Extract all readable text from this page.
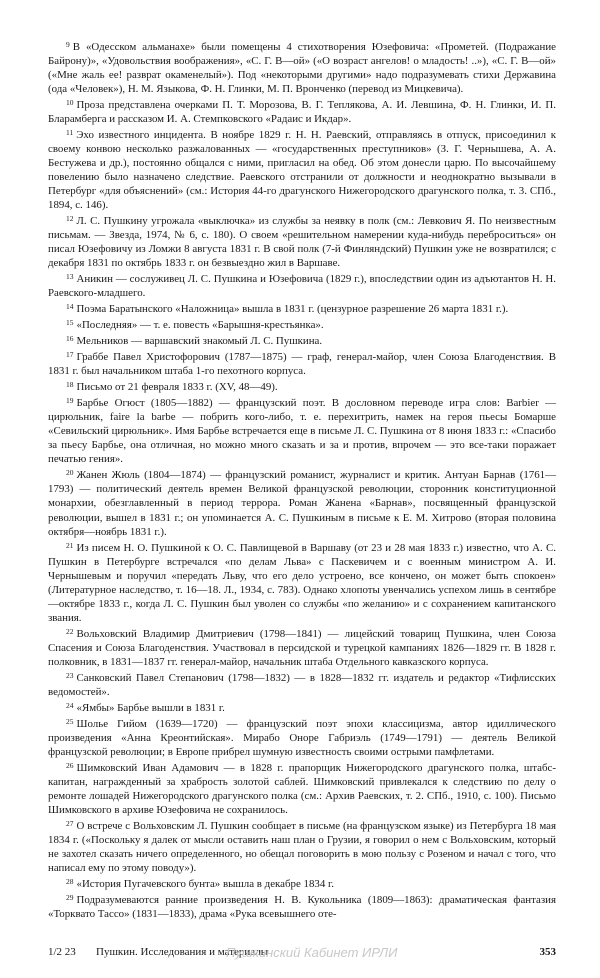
$^9$ В «Одесском альманахе» были помещены 4 стихотворения Юзефовича: «Прометей. (Подражание Байрону)», «Удовольствия воображения», «С. Г. В—ой» («О возраст ангелов! о младость! ..»), «С. Г. В—ой» («Мне жаль ее! разврат окаменелый»). Под «некоторыми другими» надо подразумевать стихи Державина (ода «Человек»), Н. М. Языкова, Ф. Н. Глинки, М. П. Вронченко (перевод из Мицкевича).

$^{10}$ Проза представлена очерками П. Т. Морозова, В. Г. Теплякова, А. И. Левшина, Ф. Н. Глинки, И. П. Бларамберга и рассказом И. А. Стемпковского «Радаис и Икдар».

$^{11}$ Эхо известного инцидента. В ноябре 1829 г. Н. Н. Раевский, отправляясь в отпуск, присоединил к своему конвою несколько разжалованных — «государственных преступников» (З. Г. Чернышева, А. А. Бестужева и др.), постоянно общался с ними, пригласил на обед. Об этом донесли царю. По высочайшему повелению было назначено следствие. Раевского отстранили от должности и неоднократно вызывали в Петербург «для объяснений» (см.: История 44-го драгунского Нижегородского драгунского полка, т. 3. СПб., 1894, с. 146).

$^{12}$ Л. С. Пушкину угрожала «выключка» из службы за неявку в полк (см.: Левкович Я. По неизвестным письмам. — Звезда, 1974, № 6, с. 180). О своем «решительном намерении куда-нибудь переброситься» он писал Юзефовичу из Ломжи 8 августа 1831 г. В свой полк (7-й Финляндский) Пушкин уже не возвратился; с декабря 1831 по октябрь 1833 г. он безвыездно жил в Варшаве.

$^{13}$ Аникин — сослуживец Л. С. Пушкина и Юзефовича (1829 г.), впоследствии один из адъютантов Н. Н. Раевского-младшего.

$^{14}$ Поэма Баратынского «Наложница» вышла в 1831 г. (цензурное разрешение 26 марта 1831 г.).

$^{15}$ «Последняя» — т. е. повесть «Барышня-крестьянка».

$^{16}$ Мельников — варшавский знакомый Л. С. Пушкина.

$^{17}$ Граббе Павел Христофорович (1787—1875) — граф, генерал-майор, член Союза Благоденствия. В 1831 г. был начальником штаба 1-го пехотного корпуса.

$^{18}$ Письмо от 21 февраля 1833 г. (XV, 48—49).

$^{19}$ Барбье Огюст (1805—1882) — французский поэт. В дословном переводе игра слов: Barbier — цирюльник, faire la barbe — побрить кого-либо, т. е. перехитрить, намек на героя пьесы Бомарше «Севильский цирюльник». Имя Барбье встречается еще в письме Л. С. Пушкина от 8 июня 1833 г.: «Спасибо за пьесу Барбье, она отличная, но можно много сказать и за и против, впрочем — это все-таки поражает печатью гения».

$^{20}$ Жанен Жюль (1804—1874) — французский романист, журналист и критик. Антуан Барнав (1761—1793) — политический деятель времен Великой французской революции, сторонник конституционной монархии, обезглавленный в период террора. Роман Жанена «Барнав», посвященный французской революции, вышел в 1831 г.; он упоминается А. С. Пушкиным в письме к Е. М. Хитрово (вторая половина октября—ноябрь 1831 г.).

$^{21}$ Из писем Н. О. Пушкиной к О. С. Павлищевой в Варшаву (от 23 и 28 мая 1833 г.) известно, что А. С. Пушкин в Петербурге встречался «по делам Льва» с Паскевичем и с военным министром А. И. Чернышевым и поручил «передать Льву, что его дело устроено, все кончено, он может быть спокоен» (Литературное наследство, т. 16—18. Л., 1934, с. 783). Однако хлопоты увенчались успехом лишь в сентябре—октябре 1833 г., когда Л. С. Пушкин был уволен со службы «по желанию» и с сохранением капитанского звания.

$^{22}$ Вольховский Владимир Дмитриевич (1798—1841) — лицейский товарищ Пушкина, член Союза Спасения и Союза Благоденствия. Участвовал в персидской и турецкой кампаниях 1826—1829 гг. В 1828 г. полковник, в 1831—1837 гг. генерал-майор, начальник штаба Отдельного кавказского корпуса.

$^{23}$ Санковский Павел Степанович (1798—1832) — в 1828—1832 гг. издатель и редактор «Тифлисских ведомостей».

$^{24}$ «Ямбы» Барбье вышли в 1831 г.

$^{25}$ Шолье Гийом (1639—1720) — французский поэт эпохи классицизма, автор идиллического произведения «Анна Креонтийская». Мирабо Оноре Габриэль (1749—1791) — деятель Великой французской революции; в Европе прибрел шумную известность своими острыми памфлетами.

$^{26}$ Шимковский Иван Адамович — в 1828 г. прапорщик Нижегородского драгунского полка, штабс-капитан, награжденный за храбрость золотой саблей. Шимковский привлекался к следствию по делу о ремонте лошадей Нижегородского драгунского полка (см.: Архив Раевских, т. 2. СПб., 1910, с. 100). Письмо Шимковского в архиве Юзефовича не сохранилось.

$^{27}$ О встрече с Вольховским Л. Пушкин сообщает в письме (на французском языке) из Петербурга 18 мая 1834 г. («Поскольку я далек от мысли оставить наш план о Грузии, я говорил о нем с Вольховским, который не захотел сказать ничего определенного, но обещал поговорить в мою пользу с Розеном и начал с того, что написал ему по этому поводу»).

$^{28}$ «История Пугачевского бунта» вышла в декабре 1834 г.

$^{29}$ Подразумеваются ранние произведения Н. В. Кукольника (1809—1863): драматическая фантазия «Торквато Тассо» (1831—1833), драма «Рука всевышнего оте-

1/2 23 Пушкин. Исследования и материалы
Пушкинский Кабинет ИРЛИ	353
